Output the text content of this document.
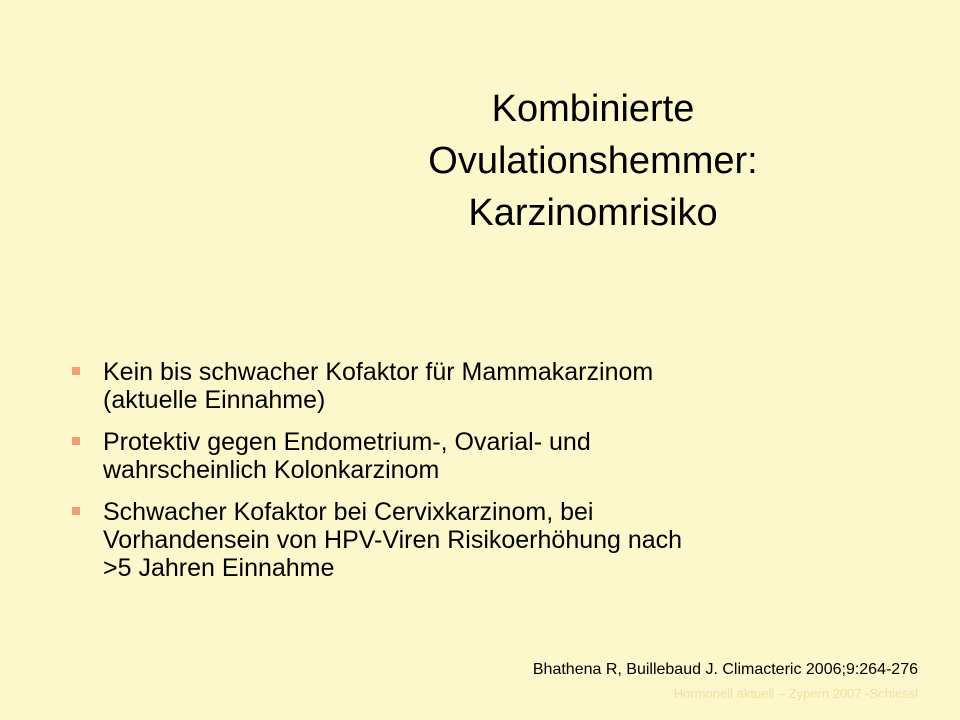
Kombinierte
Ovulationshemmer:
Karzinomrisiko
Kein bis schwacher Kofaktor für Mammakarzinom
(aktuelle Einnahme)
Protektiv gegen Endometrium-, Ovarial- und
wahrscheinlich Kolonkarzinom
Schwacher Kofaktor bei Cervixkarzinom, bei
Vorhandensein von HPV-Viren Risikoerhöhung nach
>5 Jahren Einnahme
Bhathena R, Buillebaud J. Climacteric 2006;9:264-276
Hormonell aktuell – Zypern 2007 -Schiessl
